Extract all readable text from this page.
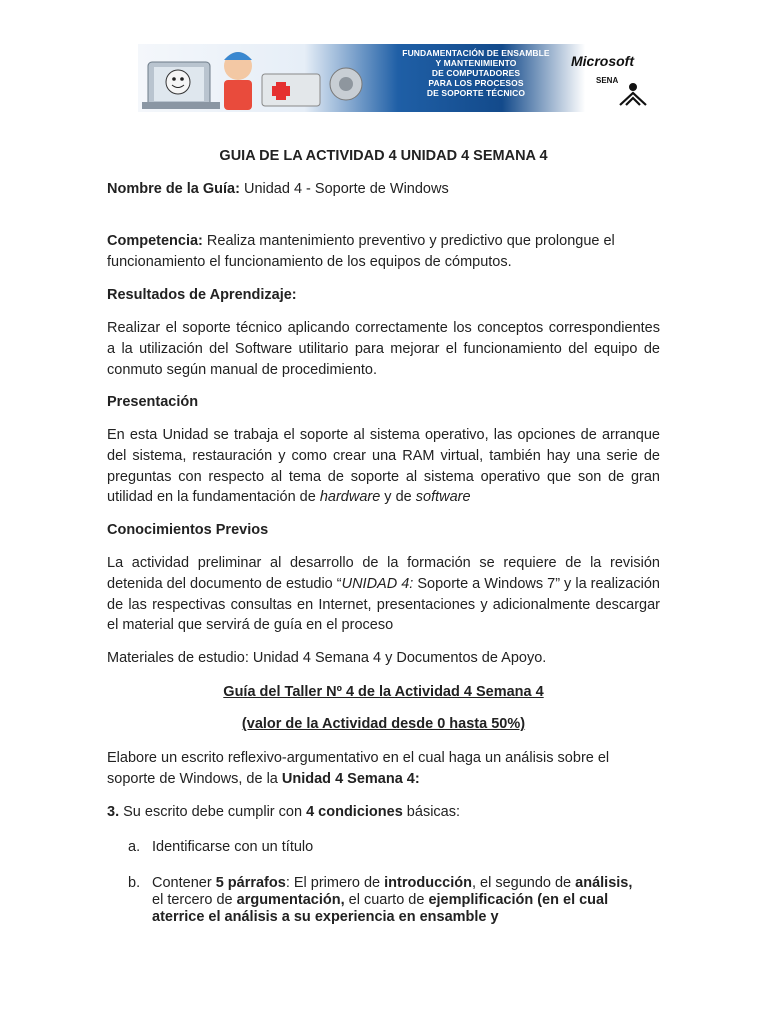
FUNDAMENTACIÓN DE ENSAMBLE
Y MANTENIMIENTO
DE COMPUTADORES
PARA LOS PROCESOS
DE SOPORTE TÉCNICO
Microsoft
SENA
GUIA DE LA ACTIVIDAD 4 UNIDAD 4 SEMANA 4
Nombre de la Guía: Unidad 4 - Soporte de Windows
Competencia: Realiza mantenimiento preventivo y predictivo que prolongue el funcionamiento el funcionamiento de los equipos de cómputos.
Resultados de Aprendizaje:
Realizar el soporte técnico aplicando correctamente los conceptos correspondientes a la utilización del Software utilitario para mejorar el funcionamiento del equipo de conmuto según manual de procedimiento.
Presentación
En esta Unidad se trabaja el soporte al sistema operativo, las opciones de arranque del sistema, restauración y como crear una RAM virtual, también hay una serie de preguntas con respecto al tema de soporte al sistema operativo que son de gran utilidad en la fundamentación de hardware y de software
Conocimientos Previos
La actividad preliminar al desarrollo de la formación se requiere de la revisión detenida del documento de estudio “UNIDAD 4: Soporte a Windows 7” y la realización de las respectivas consultas en Internet, presentaciones y adicionalmente descargar el material que servirá de guía en el proceso
Materiales de estudio: Unidad 4 Semana 4 y Documentos de Apoyo.
Guía del Taller Nº 4 de la Actividad 4 Semana 4
(valor de la Actividad desde 0 hasta 50%)
Elabore un escrito reflexivo-argumentativo en el cual haga un análisis sobre el soporte de Windows, de la Unidad 4 Semana 4:
3. Su escrito debe cumplir con 4 condiciones básicas:
a. Identificarse con un título
b. Contener 5 párrafos: El primero de introducción, el segundo de análisis, el tercero de argumentación, el cuarto de ejemplificación (en el cual aterrice el análisis a su experiencia en ensamble y
